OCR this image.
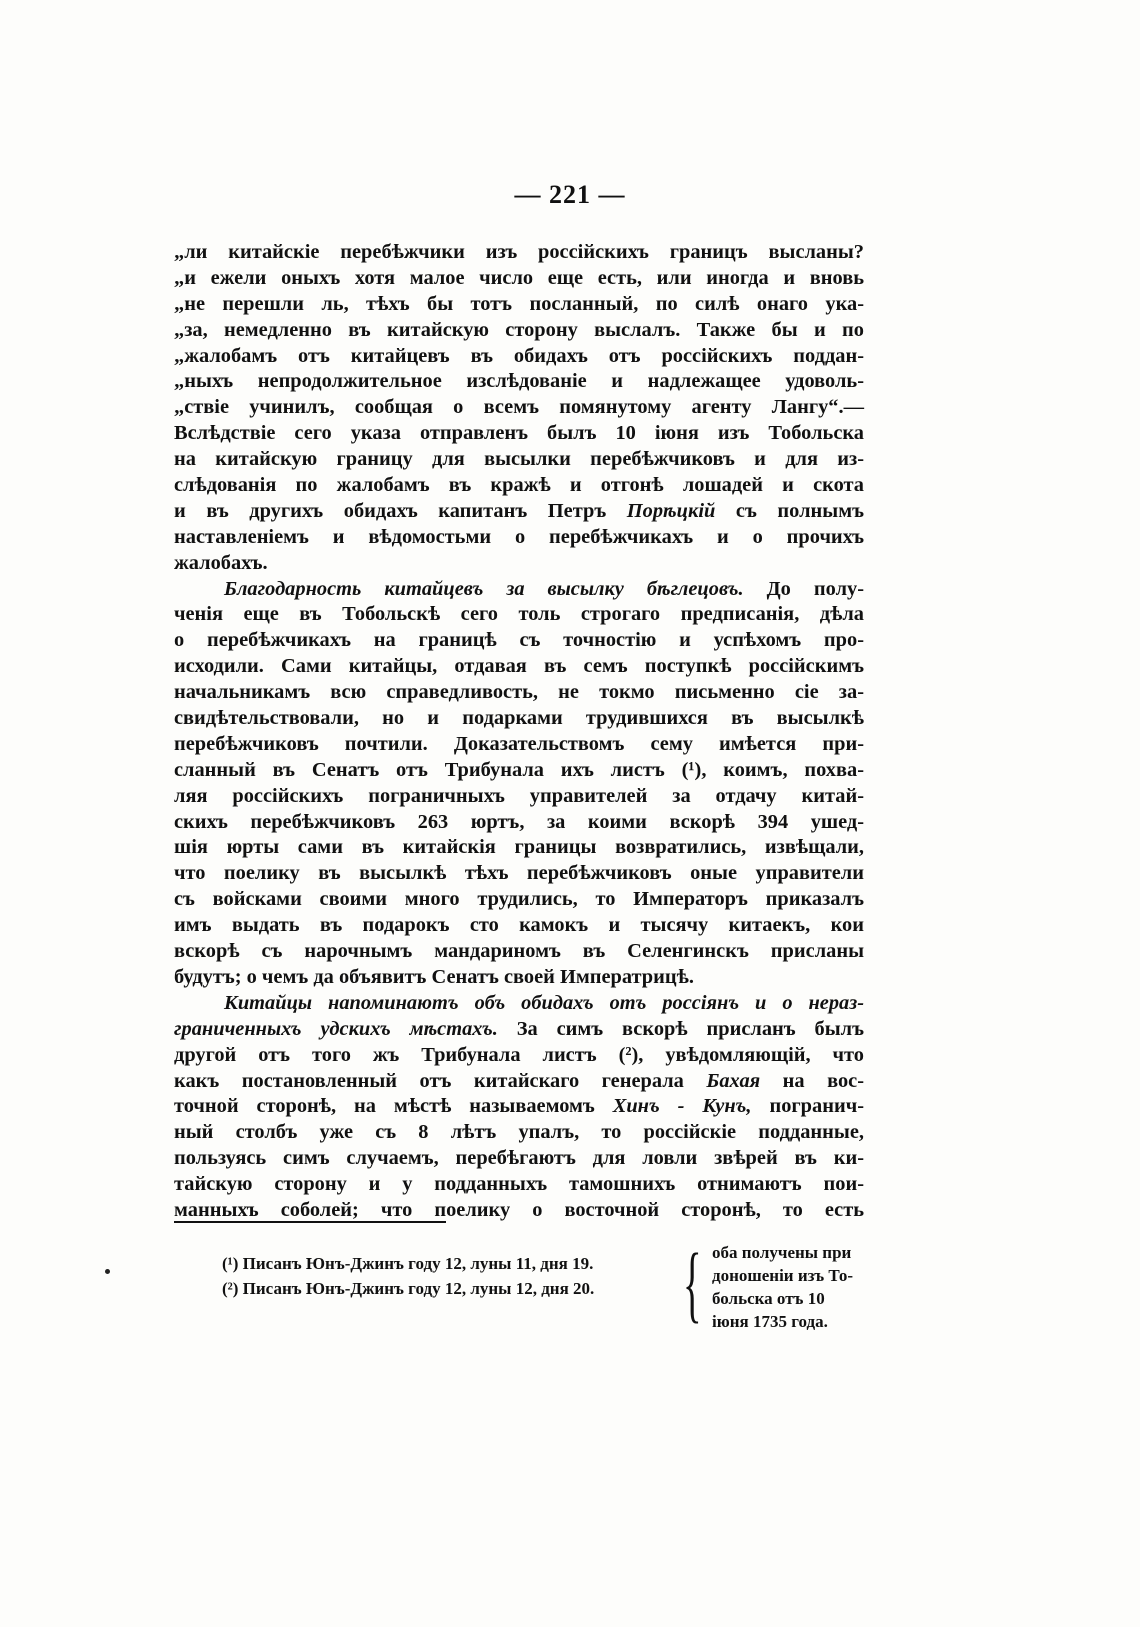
— 221 —
„ли китайскіе перебѣжчики изъ россійскихъ границъ высланы?
„и ежели оныхъ хотя малое число еще есть, или иногда и вновь
„не перешли ль, тѣхъ бы тотъ посланный, по силѣ онаго ука-
„за, немедленно въ китайскую сторону выслалъ. Также бы и по
„жалобамъ отъ китайцевъ въ обидахъ отъ россійскихъ поддан-
„ныхъ непродолжительное изслѣдованіе и надлежащее удоволь-
„ствіе учинилъ, сообщая о всемъ помянутому агенту Лангу“.—
Вслѣдствіе сего указа отправленъ былъ 10 іюня изъ Тобольска
на китайскую границу для высылки перебѣжчиковъ и для из-
слѣдованія по жалобамъ въ кражѣ и отгонѣ лошадей и скота
и въ другихъ обидахъ капитанъ Петръ Порѣцкій съ полнымъ
наставленіемъ и вѣдомостьми о перебѣжчикахъ и о прочихъ
жалобахъ.
Благодарность китайцевъ за высылку бѣглецовъ. До полу-
ченія еще въ Тобольскѣ сего толь строгаго предписанія, дѣла
о перебѣжчикахъ на границѣ съ точностію и успѣхомъ про-
исходили. Сами китайцы, отдавая въ семъ поступкѣ россійскимъ
начальникамъ всю справедливость, не токмо письменно сіе за-
свидѣтельствовали, но и подарками трудившихся въ высылкѣ
перебѣжчиковъ почтили. Доказательствомъ сему имѣется при-
сланный въ Сенатъ отъ Трибунала ихъ листъ (¹), коимъ, похва-
ляя россійскихъ пограничныхъ управителей за отдачу китай-
скихъ перебѣжчиковъ 263 юртъ, за коими вскорѣ 394 ушед-
шія юрты сами въ китайскія границы возвратились, извѣщали,
что поелику въ высылкѣ тѣхъ перебѣжчиковъ оные управители
съ войсками своими много трудились, то Императоръ приказалъ
имъ выдать въ подарокъ сто камокъ и тысячу китаекъ, кои
вскорѣ съ нарочнымъ мандариномъ въ Селенгинскъ присланы
будутъ; о чемъ да объявитъ Сенатъ своей Императрицѣ.
Китайцы напоминаютъ объ обидахъ отъ россіянъ и о нераз-
граниченныхъ удскихъ мѣстахъ. За симъ вскорѣ присланъ былъ
другой отъ того жъ Трибунала листъ (²), увѣдомляющій, что
какъ постановленный отъ китайскаго генерала Бахая на вос-
точной сторонѣ, на мѣстѣ называемомъ Хинъ - Кунъ, погранич-
ный столбъ уже съ 8 лѣтъ упалъ, то россійскіе подданные,
пользуясь симъ случаемъ, перебѣгаютъ для ловли звѣрей въ ки-
тайскую сторону и у подданныхъ тамошнихъ отнимаютъ пои-
манныхъ соболей; что поелику о восточной сторонѣ, то есть
(¹) Писанъ Юнъ-Джинъ году 12, луны 11, дня 19.
(²) Писанъ Юнъ-Джинъ году 12, луны 12, дня 20. { оба получены при
доношеніи изъ То-
больска отъ 10
іюня 1735 года.
